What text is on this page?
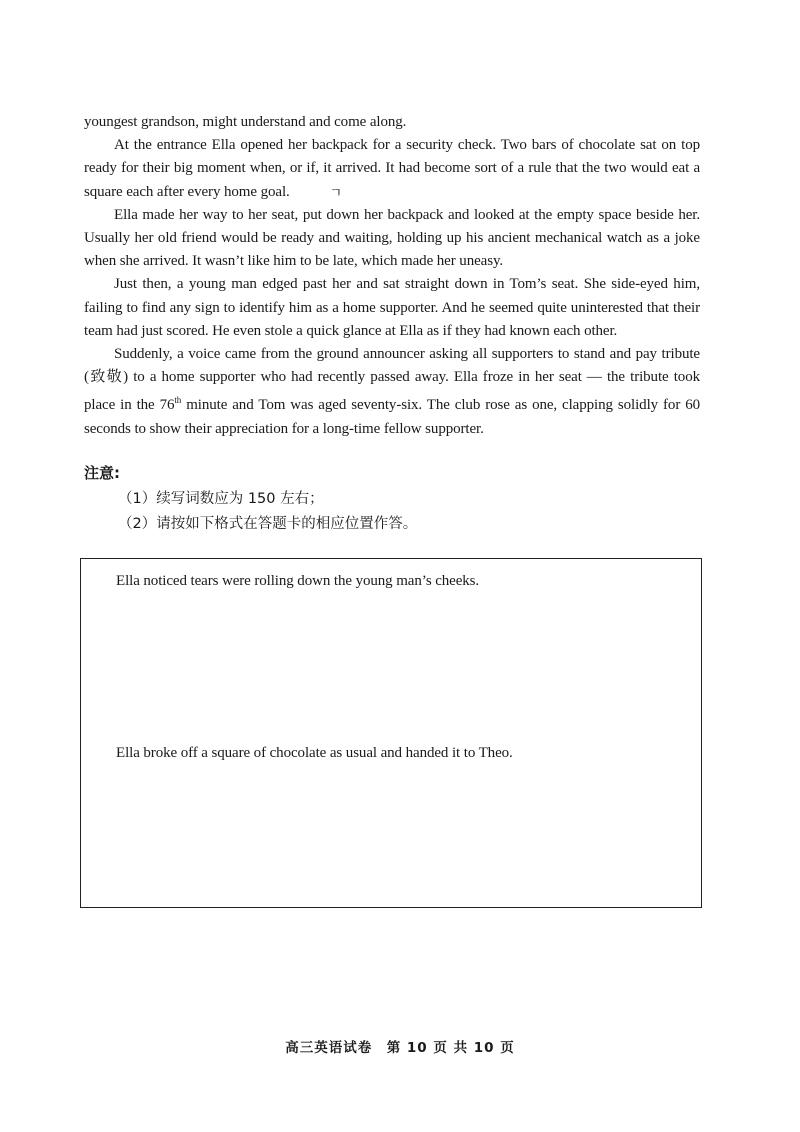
youngest grandson, might understand and come along.

At the entrance Ella opened her backpack for a security check. Two bars of chocolate sat on top ready for their big moment when, or if, it arrived. It had become sort of a rule that the two would eat a square each after every home goal.	ㄱ

Ella made her way to her seat, put down her backpack and looked at the empty space beside her. Usually her old friend would be ready and waiting, holding up his ancient mechanical watch as a joke when she arrived. It wasn’t like him to be late, which made her uneasy.

Just then, a young man edged past her and sat straight down in Tom’s seat. She side-eyed him, failing to find any sign to identify him as a home supporter. And he seemed quite uninterested that their team had just scored. He even stole a quick glance at Ella as if they had known each other.

Suddenly, a voice came from the ground announcer asking all supporters to stand and pay tribute (致敬) to a home supporter who had recently passed away. Ella froze in her seat — the tribute took place in the 76th minute and Tom was aged seventy-six. The club rose as one, clapping solidly for 60 seconds to show their appreciation for a long-time fellow supporter.

注意:

（1）续写词数应为 150 左右；

（2）请按如下格式在答题卡的相应位置作答。

Ella noticed tears were rolling down the young man’s cheeks.

Ella broke off a square of chocolate as usual and handed it to Theo.

高三英语试卷　第 10 页 共 10 页
